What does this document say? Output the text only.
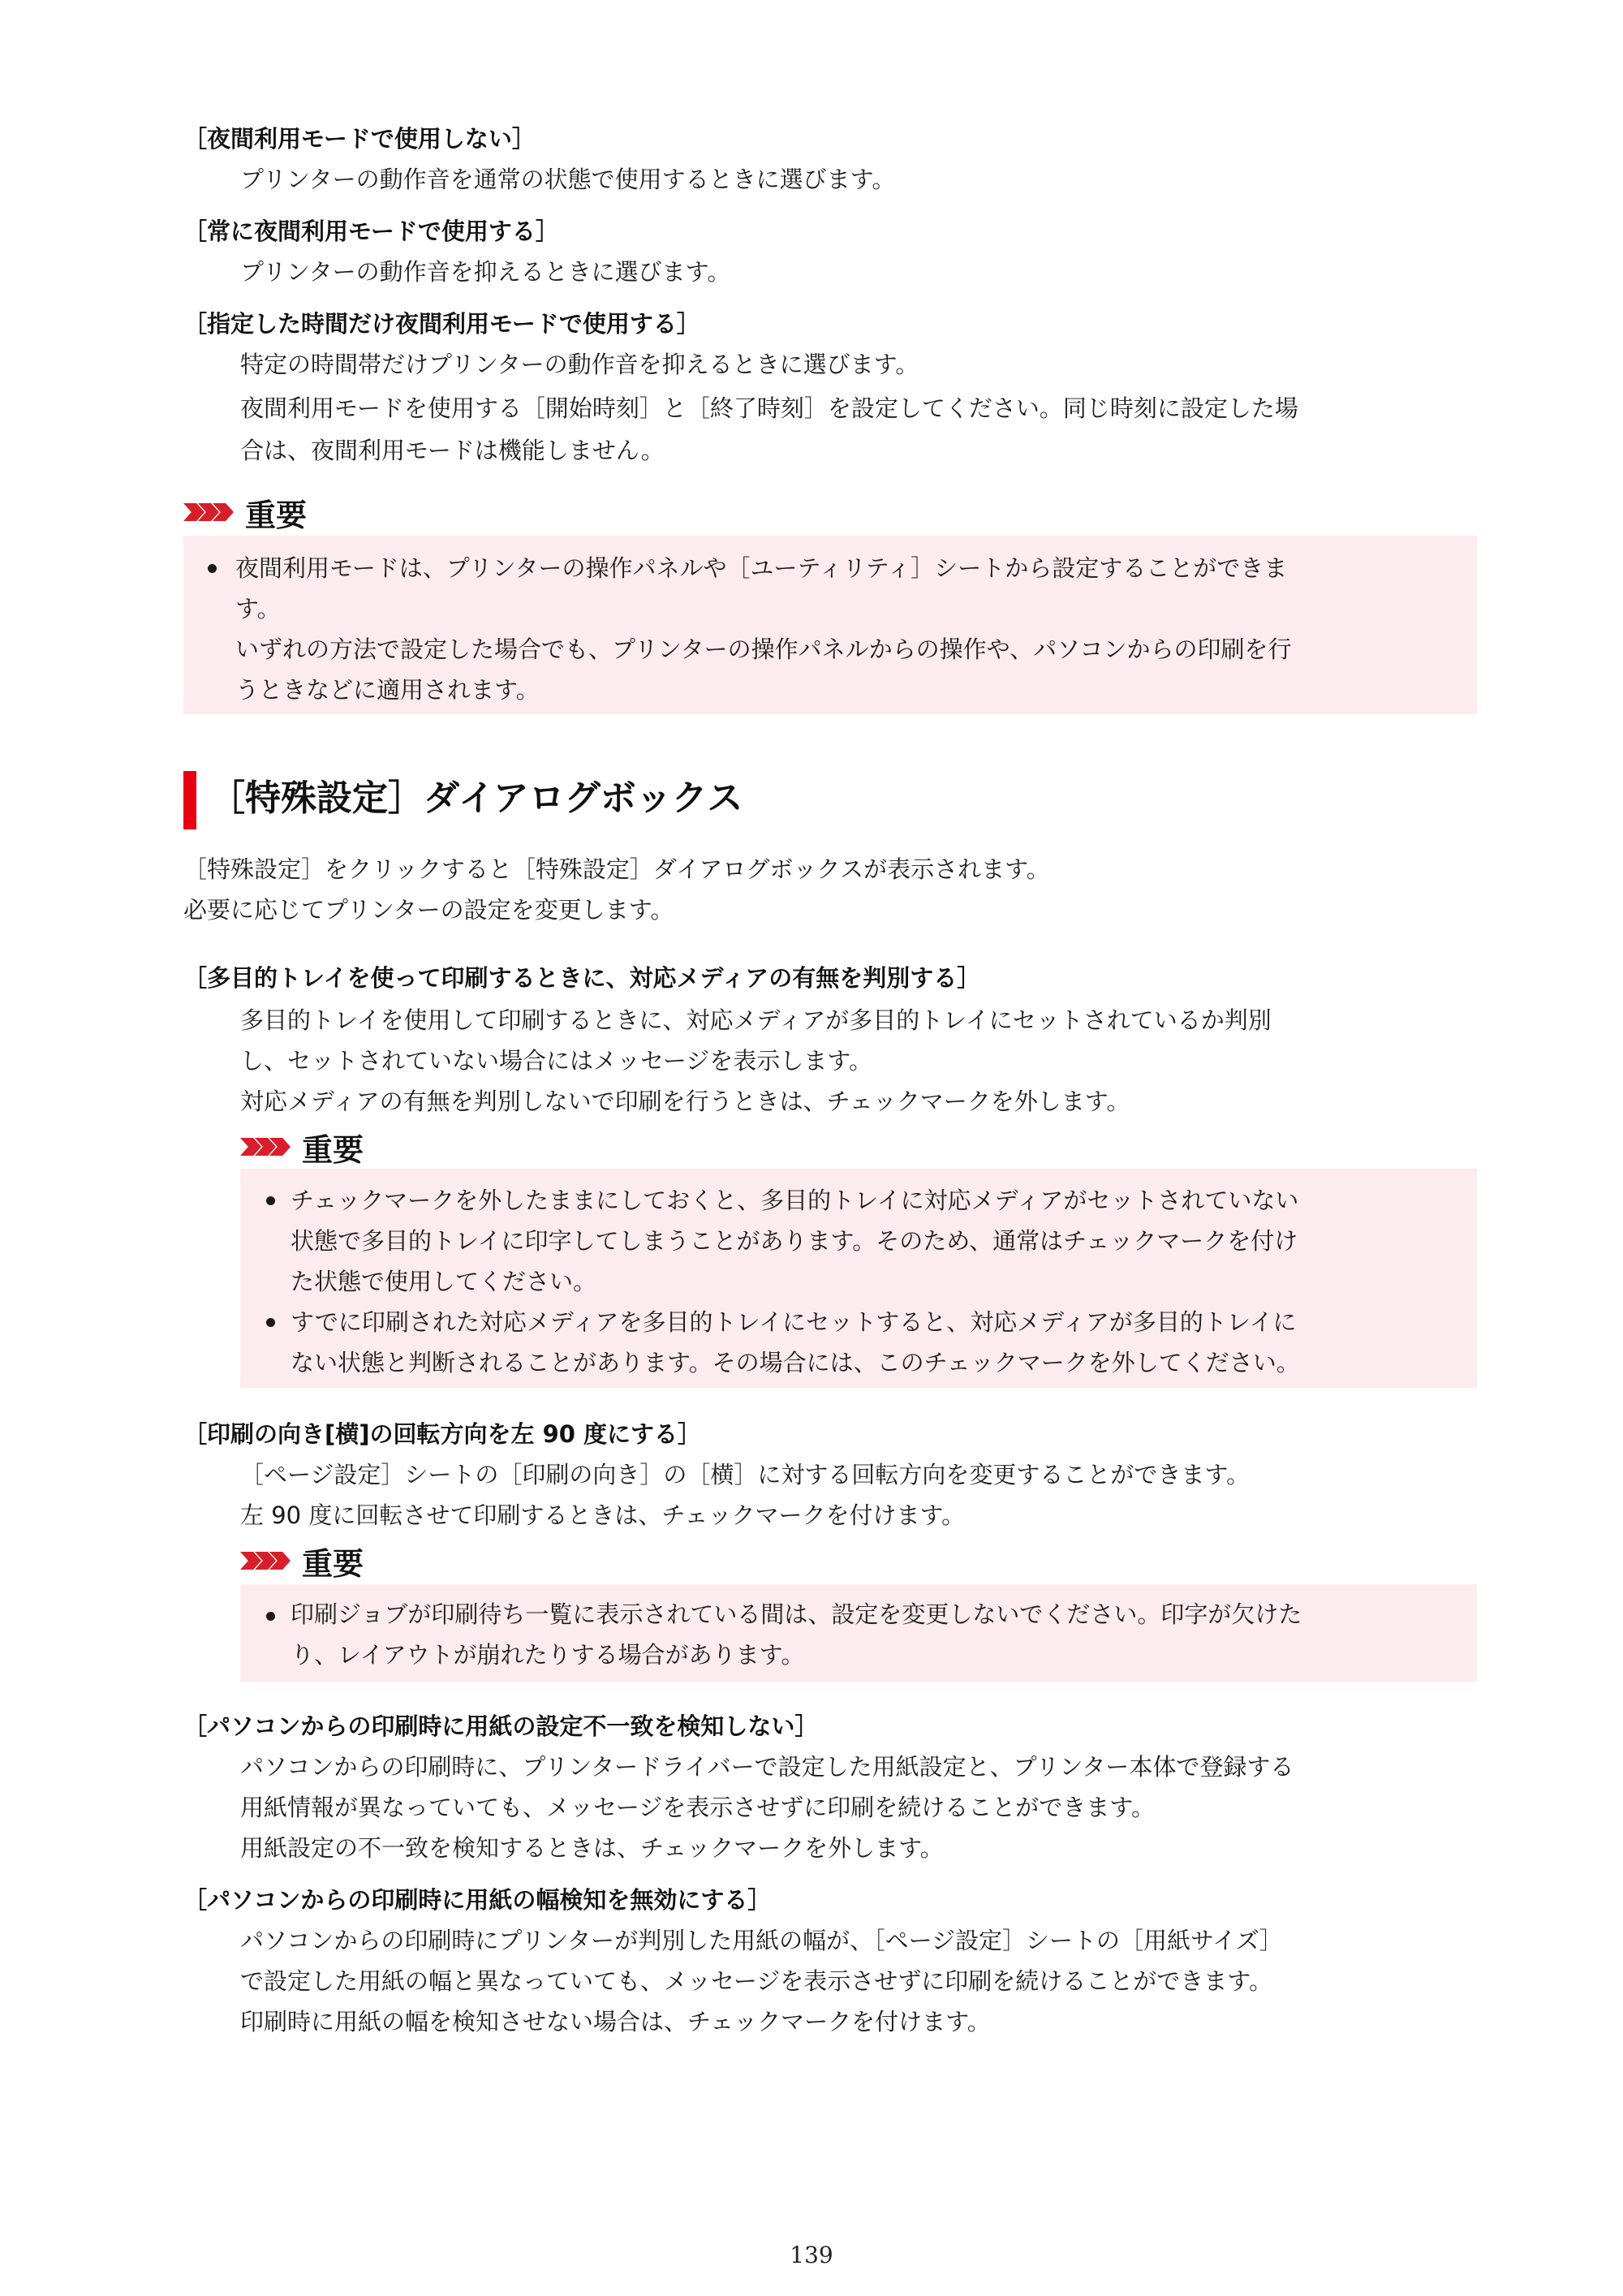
［夜間利用モードで使用しない］
プリンターの動作音を通常の状態で使用するときに選びます。
［常に夜間利用モードで使用する］
プリンターの動作音を抑えるときに選びます。
［指定した時間だけ夜間利用モードで使用する］
特定の時間帯だけプリンターの動作音を抑えるときに選びます。
夜間利用モードを使用する［開始時刻］と［終了時刻］を設定してください。同じ時刻に設定した場
合は、夜間利用モードは機能しません。
重要
夜間利用モードは、プリンターの操作パネルや［ユーティリティ］シートから設定することができま
す。
いずれの方法で設定した場合でも、プリンターの操作パネルからの操作や、パソコンからの印刷を行
うときなどに適用されます。
［特殊設定］ダイアログボックス
［特殊設定］をクリックすると［特殊設定］ダイアログボックスが表示されます。
必要に応じてプリンターの設定を変更します。
［多目的トレイを使って印刷するときに、対応メディアの有無を判別する］
多目的トレイを使用して印刷するときに、対応メディアが多目的トレイにセットされているか判別
し、セットされていない場合にはメッセージを表示します。
対応メディアの有無を判別しないで印刷を行うときは、チェックマークを外します。
重要
チェックマークを外したままにしておくと、多目的トレイに対応メディアがセットされていない
状態で多目的トレイに印字してしまうことがあります。そのため、通常はチェックマークを付け
た状態で使用してください。
すでに印刷された対応メディアを多目的トレイにセットすると、対応メディアが多目的トレイに
ない状態と判断されることがあります。その場合には、このチェックマークを外してください。
［印刷の向き[横]の回転方向を左 90 度にする］
［ページ設定］シートの［印刷の向き］の［横］に対する回転方向を変更することができます。
左 90 度に回転させて印刷するときは、チェックマークを付けます。
重要
印刷ジョブが印刷待ち一覧に表示されている間は、設定を変更しないでください。印字が欠けた
り、レイアウトが崩れたりする場合があります。
［パソコンからの印刷時に用紙の設定不一致を検知しない］
パソコンからの印刷時に、プリンタードライバーで設定した用紙設定と、プリンター本体で登録する
用紙情報が異なっていても、メッセージを表示させずに印刷を続けることができます。
用紙設定の不一致を検知するときは、チェックマークを外します。
［パソコンからの印刷時に用紙の幅検知を無効にする］
パソコンからの印刷時にプリンターが判別した用紙の幅が、［ページ設定］シートの［用紙サイズ］
で設定した用紙の幅と異なっていても、メッセージを表示させずに印刷を続けることができます。
印刷時に用紙の幅を検知させない場合は、チェックマークを付けます。
139
